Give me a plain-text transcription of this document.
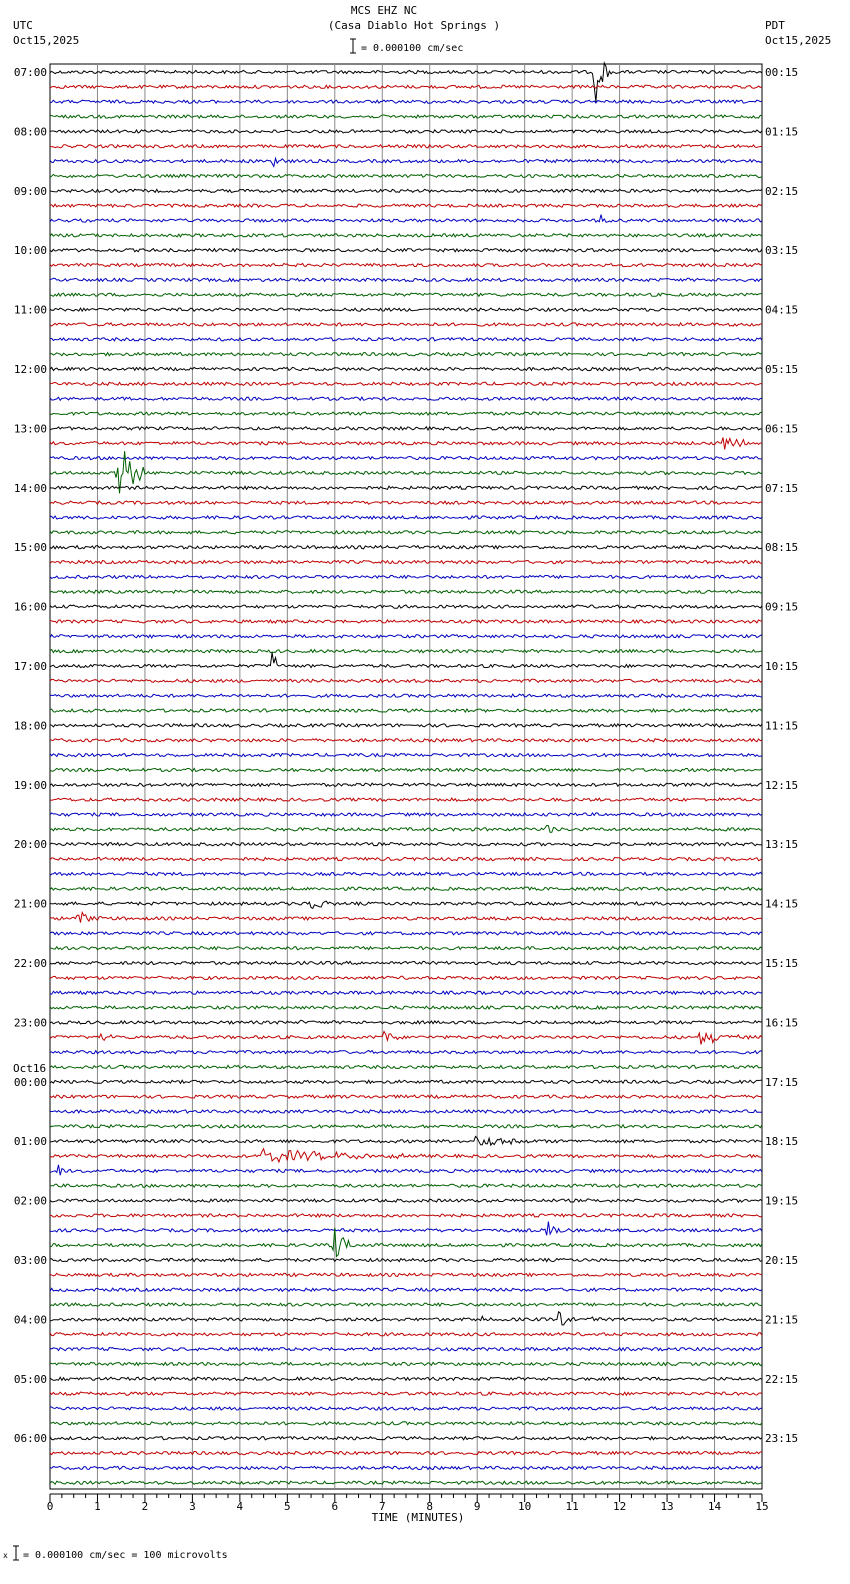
MCS EHZ NC
(Casa Diablo Hot Springs )
UTC
Oct15,2025
PDT
Oct15,2025
= 0.000100 cm/sec
07:00
08:00
09:00
10:00
11:00
12:00
13:00
14:00
15:00
16:00
17:00
18:00
19:00
20:00
21:00
22:00
23:00
00:00
01:00
02:00
03:00
04:00
05:00
06:00
00:15
01:15
02:15
03:15
04:15
05:15
06:15
07:15
08:15
09:15
10:15
11:15
12:15
13:15
14:15
15:15
16:15
17:15
18:15
19:15
20:15
21:15
22:15
23:15
Oct16
0	1	2	3	4	5	6	7	8	9	10	11	12	13	14	15
TIME (MINUTES)
x = 0.000100 cm/sec = 100 microvolts
